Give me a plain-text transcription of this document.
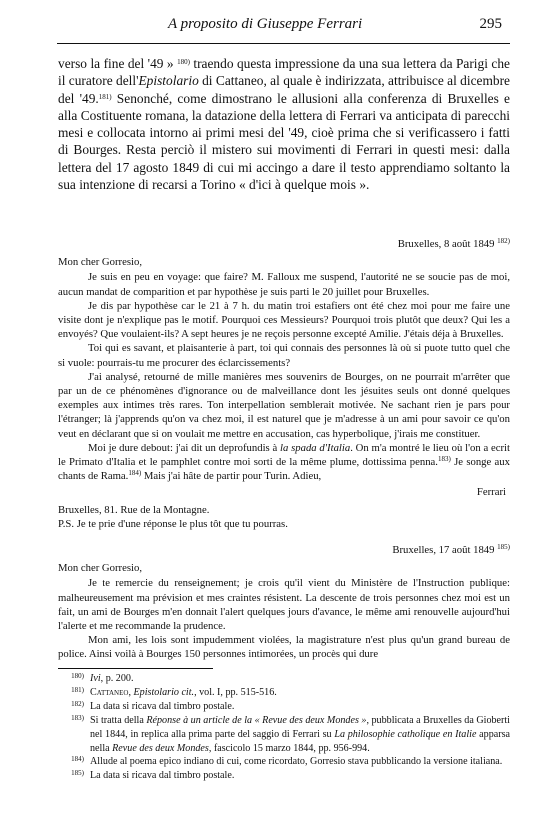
A proposito di Giuseppe Ferrari	295
verso la fine del '49 » $^{180)}$ traendo questa impressione da una sua lettera da Parigi che il curatore dell'Epistolario di Cattaneo, al quale è indirizzata, attribuisce al dicembre del '49.$^{181)}$ Senonché, come dimostrano le allusioni alla conferenza di Bruxelles e alla Costituente romana, la datazione della lettera di Ferrari va anticipata di parecchi mesi e collocata intorno ai primi mesi del '49, cioè prima che si verificassero i fatti di Bourges. Resta perciò il mistero sui movimenti di Ferrari in questi mesi: dalla lettera del 17 agosto 1849 di cui mi accingo a dare il testo apprendiamo soltanto la sua intenzione di recarsi a Torino « d'ici à quelque mois ».

Bruxelles, 8 août 1849 $^{182)}$

Mon cher Gorresio,

Je suis en peu en voyage: que faire? M. Falloux me suspend, l'autorité ne se soucie pas de moi, aucun mandat de comparition et par hypothèse je suis parti le 20 juillet pour Bruxelles.

Je dis par hypothèse car le 21 à 7 h. du matin troi estafiers ont été chez moi pour me faire une visite dont je n'explique pas le motif. Pourquoi ces Messieurs? Pourquoi trois plutôt que deux? Qui les a envoyés? Que voulaient-ils? A sept heures je ne reçois personne excepté Amilie. J'étais déja à Bruxelles.

Toi qui es savant, et plaisanterie à part, toi qui connais des personnes là où si puote tutto quel che si vuole: pourrais-tu me procurer des éclarcissements?

J'ai analysé, retourné de mille manières mes souvenirs de Bourges, on ne pourrait m'arrêter que par un de ce phénomènes d'ignorance ou de malveillance dont les jésuites seuls ont donné quelques exemples aux intimes très rares. Ton interpellation semblerait motivée. Ne sachant rien je pars pour l'étranger; là j'apprends qu'on va chez moi, il est naturel que je m'adresse à un ami pour savoir ce qu'on veut en déclarant que si on voulait me mettre en accusation, cas hyperbolique, j'irais me constituer.

Moi je dure debout: j'ai dit un deprofundis à la spada d'Italia. On m'a montré le lieu où l'on a ecrit le Primato d'Italia et le pamphlet contre moi sorti de la même plume, dottissima penna.$^{183)}$ Je songe aux chants de Rama.$^{184)}$ Mais j'ai hâte de partir pour Turin. Adieu,

Ferrari

Bruxelles, 81. Rue de la Montagne.

P.S. Je te prie d'une réponse le plus tôt que tu pourras.

Bruxelles, 17 août 1849 $^{185)}$

Mon cher Gorresio,

Je te remercie du renseignement; je crois qu'il vient du Ministère de l'Instruction publique: malheureusement ma prévision et mes craintes résistent. La descente de trois personnes chez moi est un fait, un ami de Bourges m'en donnait l'alert quelques jours d'avance, le même ami renouvelle aujourd'hui l'alerte et me recommande la prudence.

Mon ami, les lois sont impudemment violées, la magistrature n'est plus qu'un grand bureau de police. Ainsi voilà à Bourges 150 personnes intimorées, un procès qui dure

180) Ivi, p. 200.

181) Cattaneo, Epistolario cit., vol. I, pp. 515-516.

182) La data si ricava dal timbro postale.

183) Si tratta della Réponse à un article de la « Revue des deux Mondes », pubblicata a Bruxelles da Gioberti nel 1844, in replica alla prima parte del saggio di Ferrari su La philosophie catholique en Italie apparsa nella Revue des deux Mondes, fascicolo 15 marzo 1844, pp. 956-994.

184) Allude al poema epico indiano di cui, come ricordato, Gorresio stava pubblicando la versione italiana.

185) La data si ricava dal timbro postale.
